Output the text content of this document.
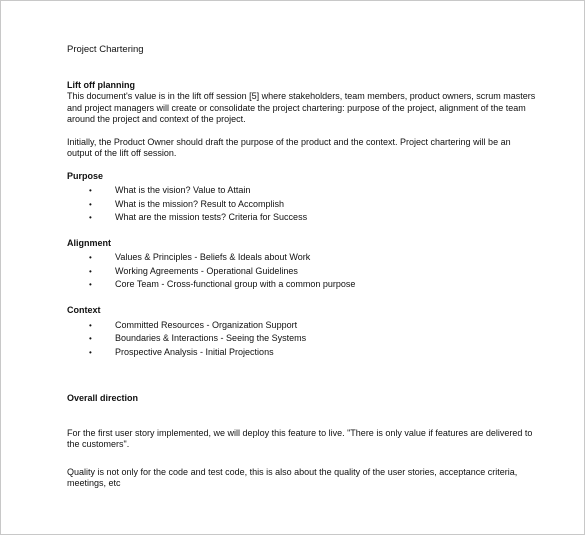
Project Chartering

Lift off planning

This document's value is in the lift off session [5] where stakeholders, team members, product owners, scrum masters and project managers will create or consolidate the project chartering: purpose of the project, alignment of the team around the project and context of the project.

Initially, the Product Owner should draft the purpose of the product and the context. Project chartering will be an output of the lift off session.

Purpose

•	What is the vision? Value to Attain
•	What is the mission? Result to Accomplish
•	What are the mission tests? Criteria for Success

Alignment

•	Values & Principles - Beliefs & Ideals about Work
•	Working Agreements - Operational Guidelines
•	Core Team - Cross-functional group with a common purpose

Context

•	Committed Resources - Organization Support
•	Boundaries & Interactions - Seeing the Systems
•	Prospective Analysis - Initial Projections

Overall direction

For the first user story implemented, we will deploy this feature to live. "There is only value if features are delivered to the customers".

Quality is not only for the code and test code, this is also about the quality of the user stories, acceptance criteria, meetings, etc
